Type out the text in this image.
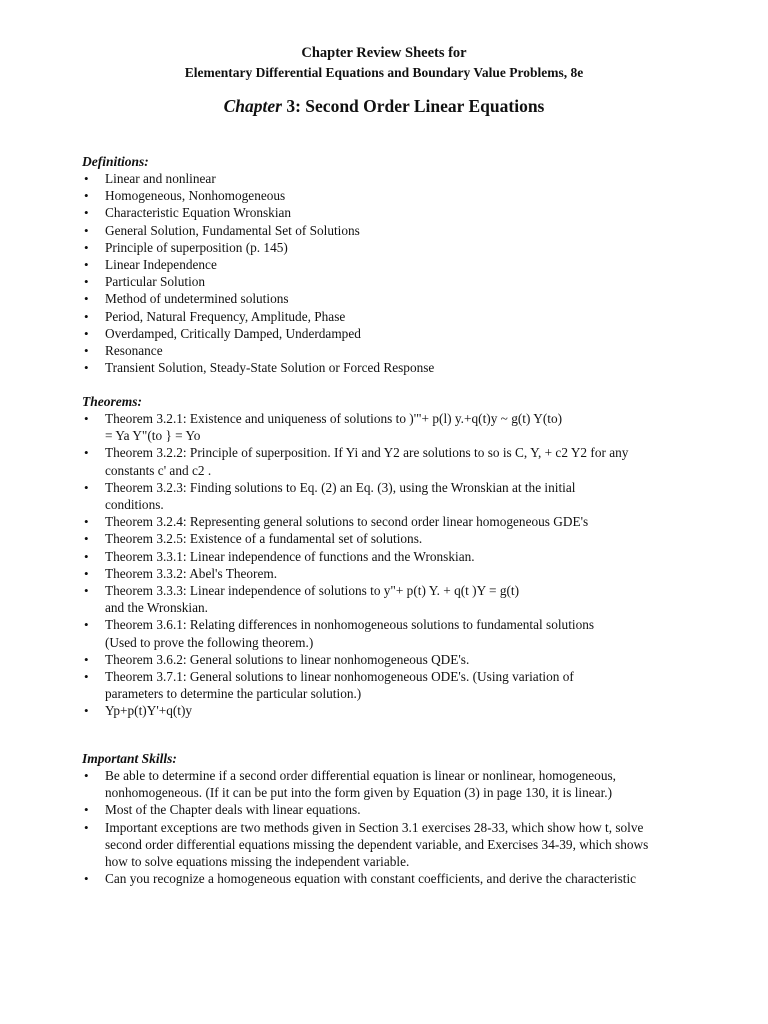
Chapter Review Sheets for
Elementary Differential Equations and Boundary Value Problems, 8e
Chapter 3: Second Order Linear Equations
Definitions:
• Linear and nonlinear
• Homogeneous, Nonhomogeneous
• Characteristic Equation Wronskian
• General Solution, Fundamental Set of Solutions
• Principle of superposition (p. 145)
• Linear Independence
• Particular Solution
• Method of undetermined solutions
• Period, Natural Frequency, Amplitude, Phase
• Overdamped, Critically Damped, Underdamped
• Resonance
• Transient Solution, Steady-State Solution or Forced Response
Theorems:
• Theorem 3.2.1: Existence and uniqueness of solutions to )'"+ p(l) y.+q(t)y ~ g(t) Y(to)
= Ya Y"(to } = Yo
• Theorem 3.2.2: Principle of superposition. If Yi and Y2 are solutions to so is C, Y, + c2 Y2 for any
constants c' and c2 .
• Theorem 3.2.3: Finding solutions to Eq. (2) an Eq. (3), using the Wronskian at the initial
conditions.
• Theorem 3.2.4: Representing general solutions to second order linear homogeneous GDE's
• Theorem 3.2.5: Existence of a fundamental set of solutions.
• Theorem 3.3.1: Linear independence of functions and the Wronskian.
• Theorem 3.3.2: Abel's Theorem.
• Theorem 3.3.3: Linear independence of solutions to y"+ p(t) Y. + q(t )Y = g(t)
and the Wronskian.
• Theorem 3.6.1: Relating differences in nonhomogeneous solutions to fundamental solutions
(Used to prove the following theorem.)
• Theorem 3.6.2: General solutions to linear nonhomogeneous QDE's.
• Theorem 3.7.1: General solutions to linear nonhomogeneous ODE's. (Using variation of
parameters to determine the particular solution.)
• Yp+p(t)Y'+q(t)y
Important Skills:
• Be able to determine if a second order differential equation is linear or nonlinear, homogeneous,
nonhomogeneous. (If it can be put into the form given by Equation (3) in page 130, it is linear.)
• Most of the Chapter deals with linear equations.
• Important exceptions are two methods given in Section 3.1 exercises 28-33, which show how t, solve
second order differential equations missing the dependent variable, and Exercises 34-39, which shows
how to solve equations missing the independent variable.
• Can you recognize a homogeneous equation with constant coefficients, and derive the characteristic
